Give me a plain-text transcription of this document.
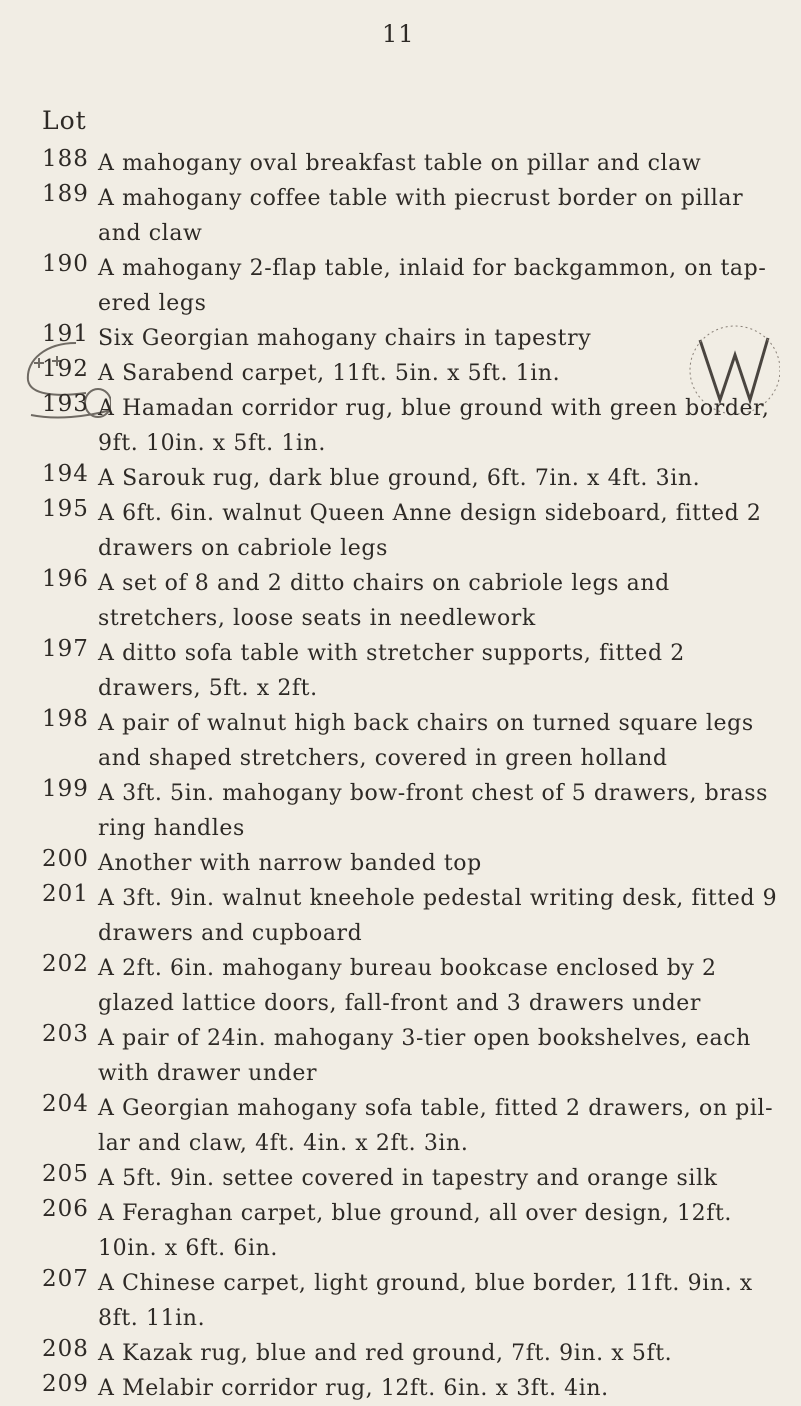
11
Lot
188 A mahogany oval breakfast table on pillar and claw
189 A mahogany coffee table with piecrust border on pillar and claw
190 A mahogany 2-flap table, inlaid for backgammon, on tap-ered legs
191 Six Georgian mahogany chairs in tapestry
192 A Sarabend carpet, 11ft. 5in. x 5ft. 1in.
193 A Hamadan corridor rug, blue ground with green border, 9ft. 10in. x 5ft. 1in.
194 A Sarouk rug, dark blue ground, 6ft. 7in. x 4ft. 3in.
195 A 6ft. 6in. walnut Queen Anne design sideboard, fitted 2 drawers on cabriole legs
196 A set of 8 and 2 ditto chairs on cabriole legs and stretchers, loose seats in needlework
197 A ditto sofa table with stretcher supports, fitted 2 drawers, 5ft. x 2ft.
198 A pair of walnut high back chairs on turned square legs and shaped stretchers, covered in green holland
199 A 3ft. 5in. mahogany bow-front chest of 5 drawers, brass ring handles
200 Another with narrow banded top
201 A 3ft. 9in. walnut kneehole pedestal writing desk, fitted 9 drawers and cupboard
202 A 2ft. 6in. mahogany bureau bookcase enclosed by 2 glazed lattice doors, fall-front and 3 drawers under
203 A pair of 24in. mahogany 3-tier open bookshelves, each with drawer under
204 A Georgian mahogany sofa table, fitted 2 drawers, on pil-lar and claw, 4ft. 4in. x 2ft. 3in.
205 A 5ft. 9in. settee covered in tapestry and orange silk
206 A Feraghan carpet, blue ground, all over design, 12ft. 10in. x 6ft. 6in.
207 A Chinese carpet, light ground, blue border, 11ft. 9in. x 8ft. 11in.
208 A Kazak rug, blue and red ground, 7ft. 9in. x 5ft.
209 A Melabir corridor rug, 12ft. 6in. x 3ft. 4in.
